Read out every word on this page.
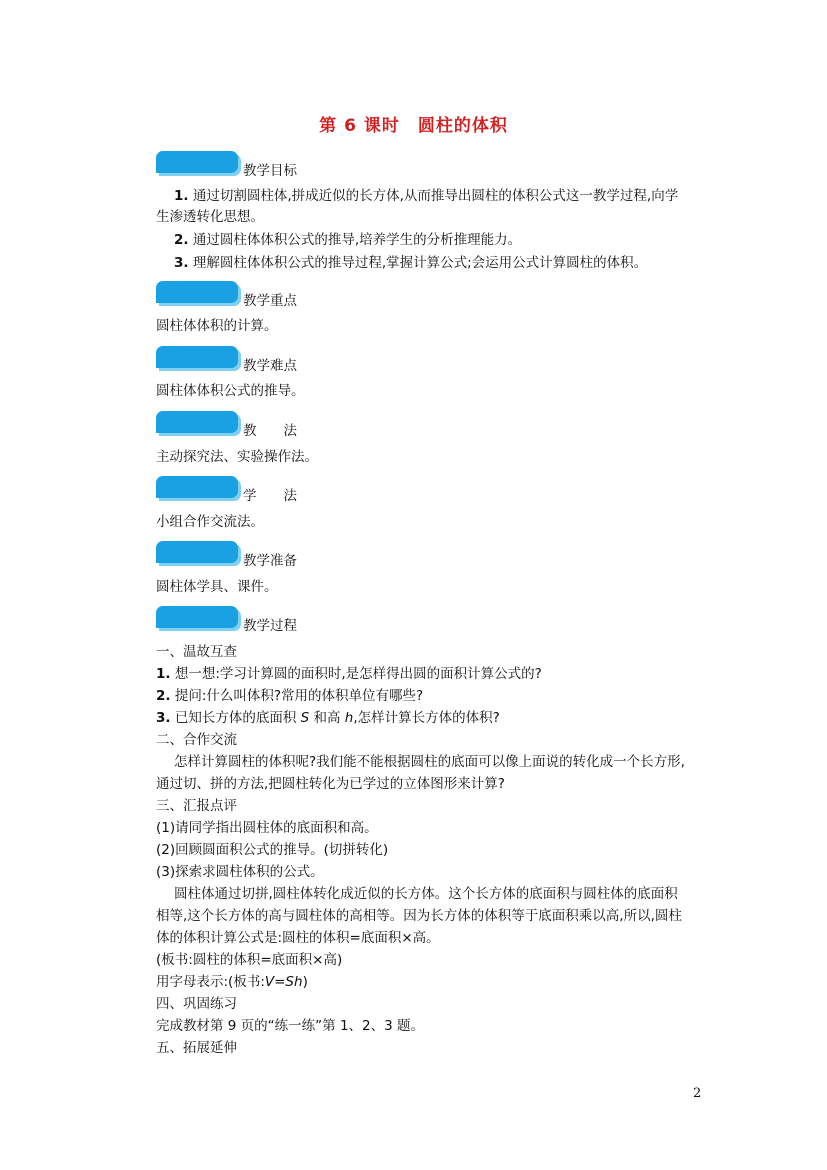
第 6 课时　圆柱的体积
教学目标
1. 通过切割圆柱体,拼成近似的长方体,从而推导出圆柱的体积公式这一教学过程,向学
生渗透转化思想。
2. 通过圆柱体体积公式的推导,培养学生的分析推理能力。
3. 理解圆柱体体积公式的推导过程,掌握计算公式;会运用公式计算圆柱的体积。
教学重点
圆柱体体积的计算。
教学难点
圆柱体体积公式的推导。
教　　法
主动探究法、实验操作法。
学　　法
小组合作交流法。
教学准备
圆柱体学具、课件。
教学过程
一、温故互查
1. 想一想:学习计算圆的面积时,是怎样得出圆的面积计算公式的?
2. 提问:什么叫体积?常用的体积单位有哪些?
3. 已知长方体的底面积 S 和高 h,怎样计算长方体的体积?
二、合作交流
怎样计算圆柱的体积呢?我们能不能根据圆柱的底面可以像上面说的转化成一个长方形,
通过切、拼的方法,把圆柱转化为已学过的立体图形来计算?
三、汇报点评
(1)请同学指出圆柱体的底面积和高。
(2)回顾圆面积公式的推导。(切拼转化)
(3)探索求圆柱体积的公式。
圆柱体通过切拼,圆柱体转化成近似的长方体。这个长方体的底面积与圆柱体的底面积
相等,这个长方体的高与圆柱体的高相等。因为长方体的体积等于底面积乘以高,所以,圆柱
体的体积计算公式是:圆柱的体积=底面积×高。
(板书:圆柱的体积=底面积×高)
用字母表示:(板书:V=Sh)
四、巩固练习
完成教材第 9 页的“练一练”第 1、2、3 题。
五、拓展延伸
2
